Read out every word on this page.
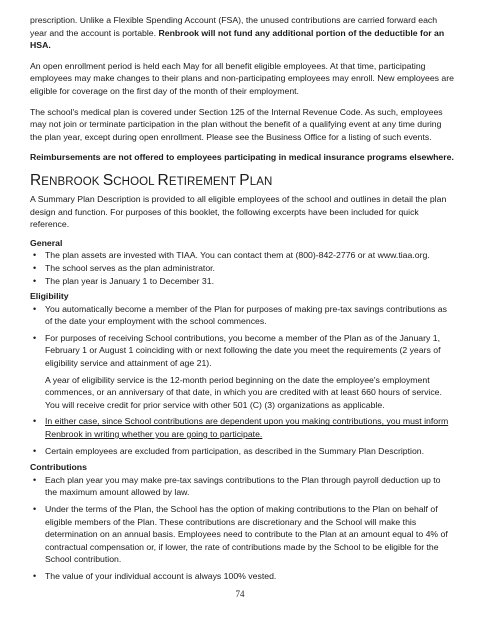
prescription. Unlike a Flexible Spending Account (FSA), the unused contributions are carried forward each year and the account is portable. Renbrook will not fund any additional portion of the deductible for an HSA.

An open enrollment period is held each May for all benefit eligible employees. At that time, participating employees may make changes to their plans and non-participating employees may enroll. New employees are eligible for coverage on the first day of the month of their employment.

The school's medical plan is covered under Section 125 of the Internal Revenue Code. As such, employees may not join or terminate participation in the plan without the benefit of a qualifying event at any time during the plan year, except during open enrollment. Please see the Business Office for a listing of such events.

Reimbursements are not offered to employees participating in medical insurance programs elsewhere.

RENBROOK SCHOOL RETIREMENT PLAN

A Summary Plan Description is provided to all eligible employees of the school and outlines in detail the plan design and function. For purposes of this booklet, the following excerpts have been included for quick reference.

General
• The plan assets are invested with TIAA. You can contact them at (800)-842-2776 or at www.tiaa.org.
• The school serves as the plan administrator.
• The plan year is January 1 to December 31.
Eligibility
• You automatically become a member of the Plan for purposes of making pre-tax savings contributions as of the date your employment with the school commences.
• For purposes of receiving School contributions, you become a member of the Plan as of the January 1, February 1 or August 1 coinciding with or next following the date you meet the requirements (2 years of eligibility service and attainment of age 21).
A year of eligibility service is the 12-month period beginning on the date the employee's employment commences, or an anniversary of that date, in which you are credited with at least 660 hours of service. You will receive credit for prior service with other 501 (C) (3) organizations as applicable.
• In either case, since School contributions are dependent upon you making contributions, you must inform Renbrook in writing whether you are going to participate.
• Certain employees are excluded from participation, as described in the Summary Plan Description.
Contributions
• Each plan year you may make pre-tax savings contributions to the Plan through payroll deduction up to the maximum amount allowed by law.
• Under the terms of the Plan, the School has the option of making contributions to the Plan on behalf of eligible members of the Plan. These contributions are discretionary and the School will make this determination on an annual basis. Employees need to contribute to the Plan at an amount equal to 4% of contractual compensation or, if lower, the rate of contributions made by the School to be eligible for the School contribution.
• The value of your individual account is always 100% vested.
74
